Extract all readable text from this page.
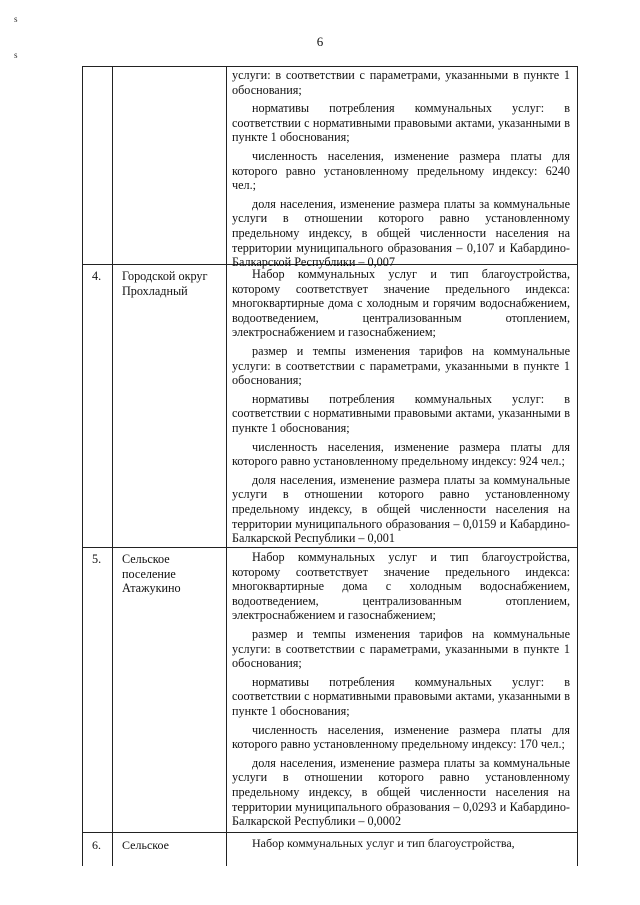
6
s
s

услуги: в соответствии с параметрами, указанными в пункте 1 обоснования;

нормативы потребления коммунальных услуг: в соответствии с нормативными правовыми актами, указанными в пункте 1 обоснования;

численность населения, изменение размера платы для которого равно установленному предельному индексу: 6240 чел.;

доля населения, изменение размера платы за коммунальные услуги в отношении которого равно установленному предельному индексу, в общей численности населения на территории муниципального образования – 0,107 и Кабардино-Балкарской Республики – 0,007

4. Городской округ Прохладный

Набор коммунальных услуг и тип благоустройства, которому соответствует значение предельного индекса: многоквартирные дома с холодным и горячим водоснабжением, водоотведением, централизованным отоплением, электроснабжением и газоснабжением;

размер и темпы изменения тарифов на коммунальные услуги: в соответствии с параметрами, указанными в пункте 1 обоснования;

нормативы потребления коммунальных услуг: в соответствии с нормативными правовыми актами, указанными в пункте 1 обоснования;

численность населения, изменение размера платы для которого равно установленному предельному индексу: 924 чел.;

доля населения, изменение размера платы за коммунальные услуги в отношении которого равно установленному предельному индексу, в общей численности населения на территории муниципального образования – 0,0159 и Кабардино-Балкарской Республики – 0,001

5. Сельское поселение Атажукино

Набор коммунальных услуг и тип благоустройства, которому соответствует значение предельного индекса: многоквартирные дома с холодным водоснабжением, водоотведением, централизованным отоплением, электроснабжением и газоснабжением;

размер и темпы изменения тарифов на коммунальные услуги: в соответствии с параметрами, указанными в пункте 1 обоснования;

нормативы потребления коммунальных услуг: в соответствии с нормативными правовыми актами, указанными в пункте 1 обоснования;

численность населения, изменение размера платы для которого равно установленному предельному индексу: 170 чел.;

доля населения, изменение размера платы за коммунальные услуги в отношении которого равно установленному предельному индексу, в общей численности населения на территории муниципального образования – 0,0293 и Кабардино-Балкарской Республики – 0,0002

6. Сельское	Набор коммунальных услуг и тип благоустройства,
